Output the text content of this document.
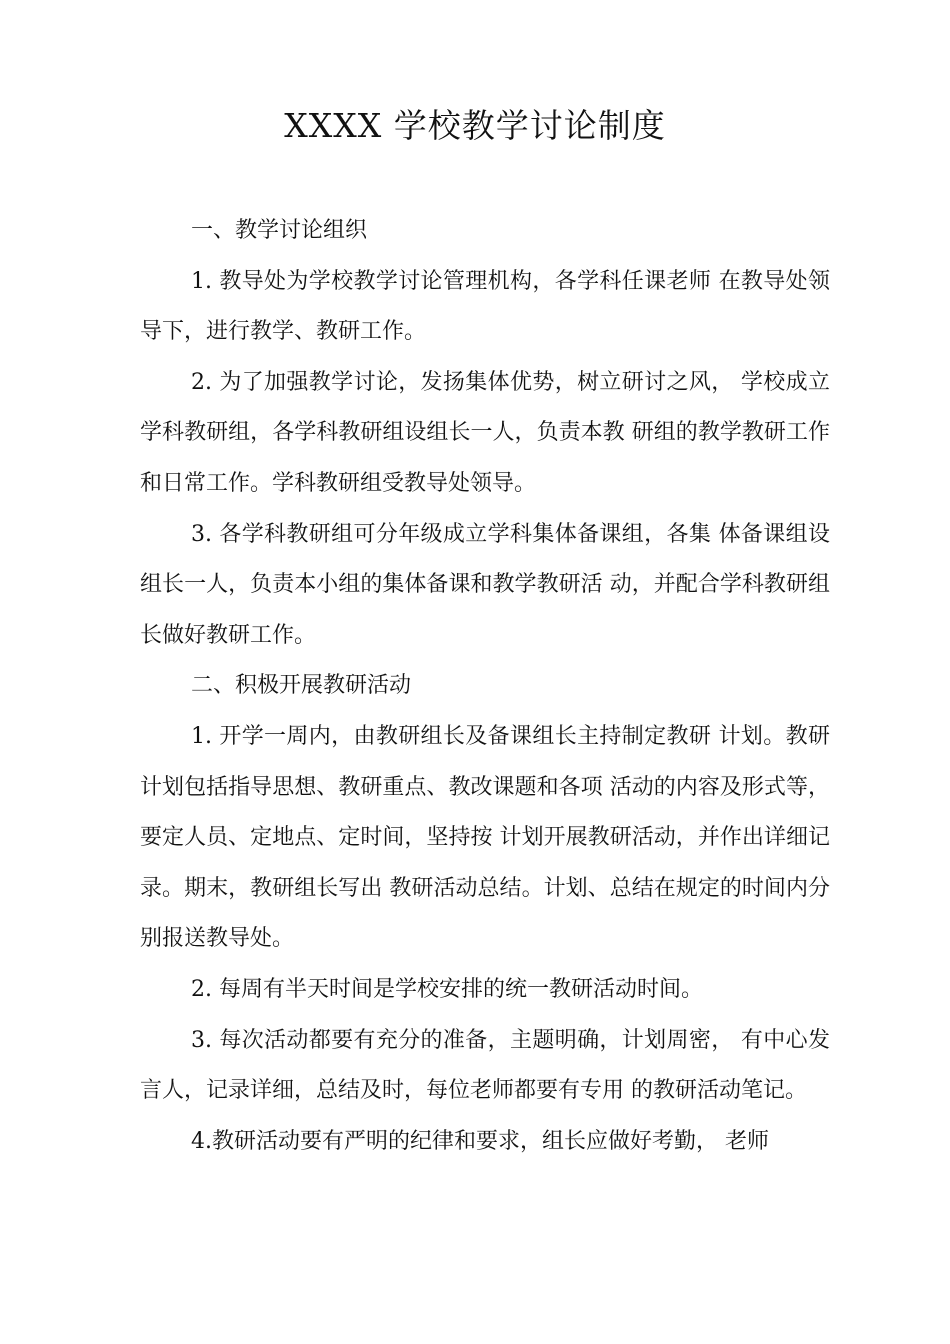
XXXX 学校教学讨论制度

一、教学讨论组织

1. 教导处为学校教学讨论管理机构，各学科任课老师 在教导处领导下，进行教学、教研工作。

2. 为了加强教学讨论，发扬集体优势，树立研讨之风， 学校成立学科教研组，各学科教研组设组长一人，负责本教 研组的教学教研工作和日常工作。学科教研组受教导处领导。

3. 各学科教研组可分年级成立学科集体备课组，各集 体备课组设组长一人，负责本小组的集体备课和教学教研活 动，并配合学科教研组长做好教研工作。

二、积极开展教研活动

1. 开学一周内，由教研组长及备课组长主持制定教研 计划。教研计划包括指导思想、教研重点、教改课题和各项 活动的内容及形式等，要定人员、定地点、定时间，坚持按 计划开展教研活动，并作出详细记录。期末，教研组长写出 教研活动总结。计划、总结在规定的时间内分别报送教导处。

2. 每周有半天时间是学校安排的统一教研活动时间。

3. 每次活动都要有充分的准备，主题明确，计划周密， 有中心发言人，记录详细，总结及时，每位老师都要有专用 的教研活动笔记。

4.教研活动要有严明的纪律和要求，组长应做好考勤， 老师
